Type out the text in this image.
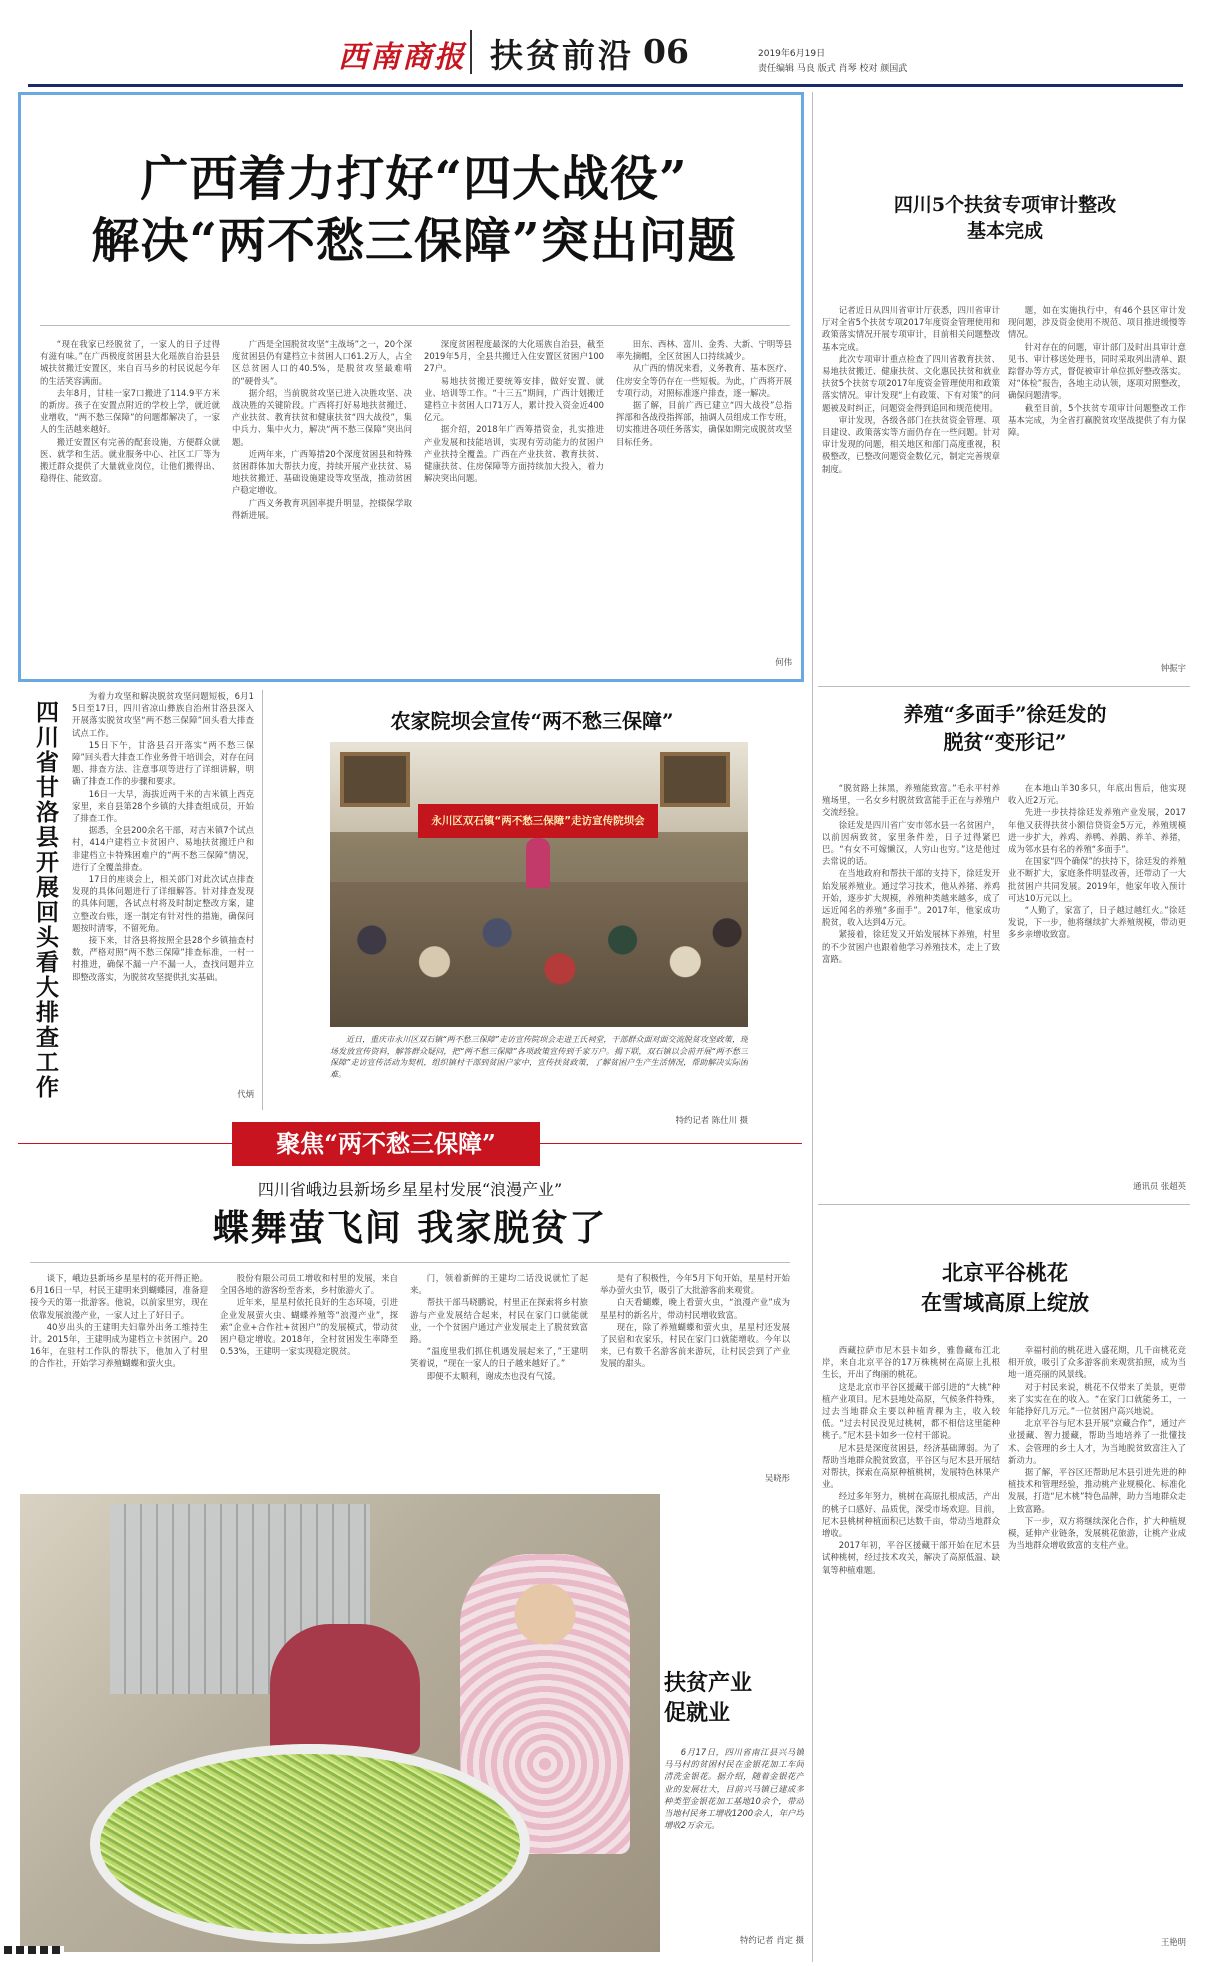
西南商报 扶贫前沿 06	2019年6月19日
责任编辑 马良 版式 肖琴 校对 颜国武
广西着力打好“四大战役”
解决“两不愁三保障”突出问题

“现在我家已经脱贫了，一家人的日子过得有滋有味。”在广西极度贫困县大化瑶族自治县县城扶贫搬迁安置区，来自百马乡的村民说起今年的生活笑容满面。

去年8月，甘桂一家7口搬进了114.9平方米的新房。孩子在安置点附近的学校上学，就近就业增收，“两不愁三保障”的问题都解决了，一家人的生活越来越好。

搬迁安置区有完善的配套设施，方便群众就医、就学和生活。就业服务中心、社区工厂等为搬迁群众提供了大量就业岗位，让他们搬得出、稳得住、能致富。

广西是全国脱贫攻坚“主战场”之一，20个深度贫困县仍有建档立卡贫困人口61.2万人，占全区总贫困人口的40.5%，是脱贫攻坚最难啃的“硬骨头”。

据介绍，当前脱贫攻坚已进入决胜攻坚、决战决胜的关键阶段。广西将打好易地扶贫搬迁、产业扶贫、教育扶贫和健康扶贫“四大战役”，集中兵力、集中火力，解决“两不愁三保障”突出问题。

近两年来，广西筹措20个深度贫困县和特殊贫困群体加大帮扶力度，持续开展产业扶贫、易地扶贫搬迁、基础设施建设等攻坚战，推动贫困户稳定增收。

广西义务教育巩固率提升明显，控辍保学取得新进展。

深度贫困程度最深的大化瑶族自治县，截至2019年5月，全县共搬迁入住安置区贫困户10027户。

易地扶贫搬迁要统筹安排，做好安置、就业、培训等工作。“十三五”期间，广西计划搬迁建档立卡贫困人口71万人，累计投入资金近400亿元。

据介绍，2018年广西筹措资金，扎实推进产业发展和技能培训，实现有劳动能力的贫困户产业扶持全覆盖。广西在产业扶贫、教育扶贫、健康扶贫、住房保障等方面持续加大投入，着力解决突出问题。

田东、西林、富川、金秀、大新、宁明等县率先摘帽，全区贫困人口持续减少。

从广西的情况来看，义务教育、基本医疗、住房安全等仍存在一些短板。为此，广西将开展专项行动，对照标准逐户排查，逐一解决。

据了解，目前广西已建立“四大战役”总指挥部和各战役指挥部，抽调人员组成工作专班，切实推进各项任务落实，确保如期完成脱贫攻坚目标任务。

何伟
四川5个扶贫专项审计整改
基本完成

记者近日从四川省审计厅获悉，四川省审计厅对全省5个扶贫专项2017年度资金管理使用和政策落实情况开展专项审计，目前相关问题整改基本完成。

此次专项审计重点检查了四川省教育扶贫、易地扶贫搬迁、健康扶贫、文化惠民扶贫和就业扶贫5个扶贫专项2017年度资金管理使用和政策落实情况。审计发现“上有政策、下有对策”的问题被及时纠正，问题资金得到追回和规范使用。

审计发现，各级各部门在扶贫资金管理、项目建设、政策落实等方面仍存在一些问题。针对审计发现的问题，相关地区和部门高度重视，积极整改，已整改问题资金数亿元，制定完善规章制度。

题，如在实施执行中，有46个县区审计发现问题，涉及资金使用不规范、项目推进缓慢等情况。

针对存在的问题，审计部门及时出具审计意见书、审计移送处理书，同时采取列出清单、跟踪督办等方式，督促被审计单位抓好整改落实。对“体检”报告，各地主动认领，逐项对照整改，确保问题清零。

截至目前，5个扶贫专项审计问题整改工作基本完成，为全省打赢脱贫攻坚战提供了有力保障。

钟振宇
四川省甘洛县开展回头看大排查工作

为着力攻坚和解决脱贫攻坚问题短板，6月15日至17日，四川省凉山彝族自治州甘洛县深入开展落实脱贫攻坚“两不愁三保障”回头看大排查试点工作。

15日下午，甘洛县召开落实“两不愁三保障”回头看大排查工作业务骨干培训会，对存在问题、排查方法、注意事项等进行了详细讲解，明确了排查工作的步骤和要求。

16日一大早，海拔近两千米的吉米镇上西克家里，来自县第28个乡镇的大排查组成员，开始了排查工作。

据悉，全县200余名干部，对吉米镇7个试点村，414户建档立卡贫困户、易地扶贫搬迁户和非建档立卡特殊困难户的“两不愁三保障”情况，进行了全覆盖排查。

17日的座谈会上，相关部门对此次试点排查发现的具体问题进行了详细解答。针对排查发现的具体问题，各试点村将及时制定整改方案，建立整改台账，逐一制定有针对性的措施，确保问题按时清零，不留死角。

接下来，甘洛县将按照全县28个乡镇抽查村数，严格对照“两不愁三保障”排查标准，一村一村推进，确保不漏一户不漏一人，查找问题并立即整改落实，为脱贫攻坚提供扎实基础。

代炳
农家院坝会宣传“两不愁三保障”
永川区双石镇“两不愁三保障”走访宣传院坝会

近日，重庆市永川区双石镇“两不愁三保障”走访宣传院坝会走进王氏祠堂，干部群众面对面交流脱贫攻坚政策，现场发放宣传资料，解答群众疑问，把“两不愁三保障”各项政策宣传到千家万户。揭下联，双石镇以会前开展“两不愁三保障”走访宣传活动为契机，组织镇村干部到贫困户家中，宣传扶贫政策，了解贫困户生产生活情况，帮助解决实际困难。

特约记者 陈仕川 摄
聚焦“两不愁三保障”
养殖“多面手”徐廷发的
脱贫“变形记”

“脱贫路上抹黑，养殖能致富。”毛永平村养殖场里，一名女乡村脱贫致富能手正在与养殖户交流经验。

徐廷发是四川省广安市邻水县一名贫困户，以前因病致贫，家里条件差，日子过得紧巴巴。“有女不可嫁懒汉，人穷山也穷。”这是他过去常说的话。

在当地政府和帮扶干部的支持下，徐廷发开始发展养殖业。通过学习技术，他从养猪、养鸡开始，逐步扩大规模，养殖种类越来越多，成了远近闻名的养殖“多面手”。2017年，他家成功脱贫，收入达到4万元。

紧接着，徐廷发又开始发展林下养殖，村里的不少贫困户也跟着他学习养殖技术，走上了致富路。

在本地山羊30多只，年底出售后，他实现收入近2万元。

先进一步扶持徐廷发养殖产业发展，2017年他又获得扶贫小额信贷资金5万元，养殖规模进一步扩大，养鸡、养鸭、养鹅、养羊、养猪，成为邻水县有名的养殖“多面手”。

在国家“四个确保”的扶持下，徐廷发的养殖业不断扩大，家庭条件明显改善，还带动了一大批贫困户共同发展。2019年，他家年收入预计可达10万元以上。

“人勤了，家富了，日子越过越红火。”徐廷发说，下一步，他将继续扩大养殖规模，带动更多乡亲增收致富。

通讯员 张超英
四川省峨边县新场乡星星村发展“浪漫产业”
蝶舞萤飞间 我家脱贫了

谈下，峨边县新场乡星星村的花开得正艳。6月16日一早，村民王建明来到蝴蝶园，准备迎接今天的第一批游客。他说，以前家里穷，现在依靠发展浪漫产业，一家人过上了好日子。

40岁出头的王建明夫妇靠外出务工维持生计。2015年，王建明成为建档立卡贫困户。2016年，在驻村工作队的帮扶下，他加入了村里的合作社，开始学习养殖蝴蝶和萤火虫。

股份有限公司员工增收和村里的发展，来自全国各地的游客纷至沓来，乡村旅游火了。

近年来，星星村依托良好的生态环境，引进企业发展萤火虫、蝴蝶养殖等“浪漫产业”，探索“企业+合作社+贫困户”的发展模式，带动贫困户稳定增收。2018年，全村贫困发生率降至0.53%，王建明一家实现稳定脱贫。

门，领着新鲜的王建均二话没说就忙了起来。

帮扶干部马晓鹏说，村里正在探索将乡村旅游与产业发展结合起来，村民在家门口就能就业，一个个贫困户通过产业发展走上了脱贫致富路。

“温度里我们抓住机遇发展起来了，”王建明笑着说，“现在一家人的日子越来越好了。”

即便不太顺利，谢成杰也没有气馁。

是有了积极性，今年5月下旬开始，星星村开始举办萤火虫节，吸引了大批游客前来观赏。

白天看蝴蝶，晚上看萤火虫，“浪漫产业”成为星星村的新名片，带动村民增收致富。

现在，除了养殖蝴蝶和萤火虫，星星村还发展了民宿和农家乐，村民在家门口就能增收。今年以来，已有数千名游客前来游玩，让村民尝到了产业发展的甜头。

吴晓彤
扶贫产业
促就业

6月17日，四川省南江县兴马镇马马村的贫困村民在金银花加工车间清洗金银花。据介绍，随着金银花产业的发展壮大，目前兴马镇已建成多种类型金银花加工基地10余个，带动当地村民务工增收1200余人，年户均增收2万余元。

特约记者 肖定 摄
北京平谷桃花
在雪域高原上绽放

西藏拉萨市尼木县卡如乡，雅鲁藏布江北岸，来自北京平谷的17万株桃树在高原上扎根生长，开出了绚丽的桃花。

这是北京市平谷区援藏干部引进的“大桃”种植产业项目。尼木县地处高原，气候条件特殊，过去当地群众主要以种植青稞为主，收入较低。“过去村民没见过桃树，都不相信这里能种桃子。”尼木县卡如乡一位村干部说。

尼木县是深度贫困县，经济基础薄弱。为了帮助当地群众脱贫致富，平谷区与尼木县开展结对帮扶，探索在高原种植桃树，发展特色林果产业。

经过多年努力，桃树在高原扎根成活，产出的桃子口感好、品质优，深受市场欢迎。目前，尼木县桃树种植面积已达数千亩，带动当地群众增收。

2017年初，平谷区援藏干部开始在尼木县试种桃树，经过技术攻关，解决了高原低温、缺氧等种植难题。

幸福村前的桃花进入盛花期，几千亩桃花竞相开放，吸引了众多游客前来观赏拍照，成为当地一道亮丽的风景线。

对于村民来说，桃花不仅带来了美景，更带来了实实在在的收入。“在家门口就能务工，一年能挣好几万元。”一位贫困户高兴地说。

北京平谷与尼木县开展“京藏合作”，通过产业援藏、智力援藏，帮助当地培养了一批懂技术、会管理的乡土人才，为当地脱贫致富注入了新动力。

据了解，平谷区还帮助尼木县引进先进的种植技术和管理经验，推动桃产业规模化、标准化发展，打造“尼木桃”特色品牌，助力当地群众走上致富路。

下一步，双方将继续深化合作，扩大种植规模，延伸产业链条，发展桃花旅游，让桃产业成为当地群众增收致富的支柱产业。

王艳明
